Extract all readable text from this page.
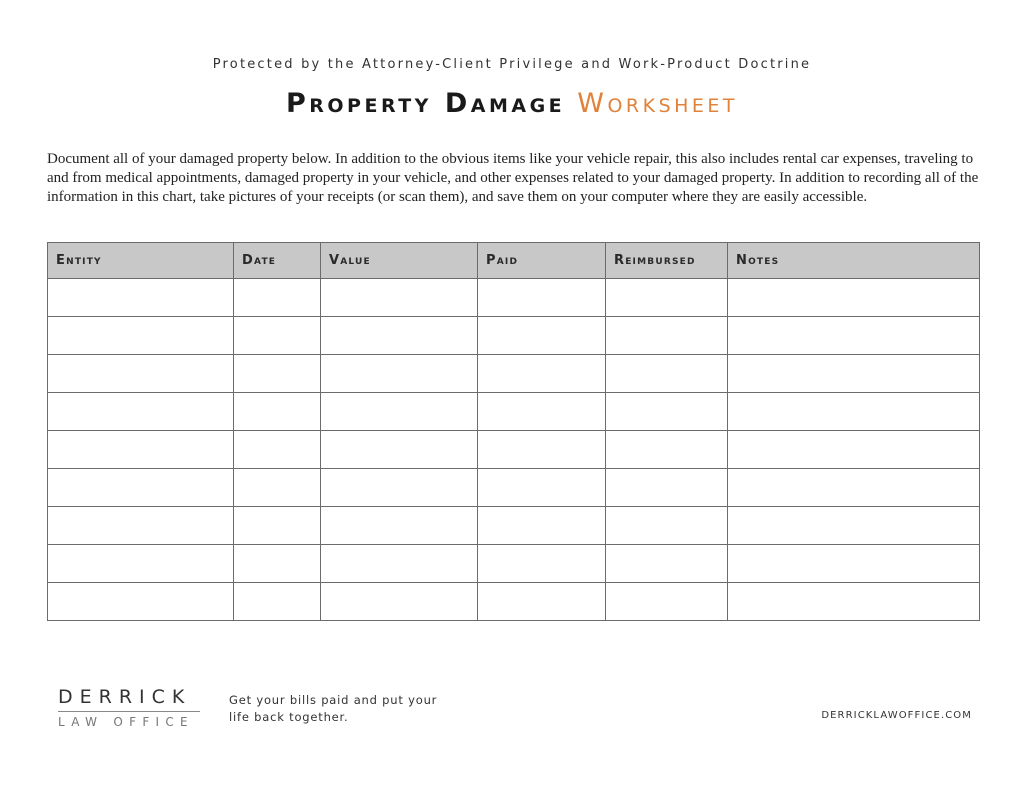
Protected by the Attorney-Client Privilege and Work-Product Doctrine
Property Damage Worksheet

Document all of your damaged property below. In addition to the obvious items like your vehicle repair, this also includes rental car expenses, traveling to and from medical appointments, damaged property in your vehicle, and other expenses related to your damaged property. In addition to recording all of the information in this chart, take pictures of your receipts (or scan them), and save them on your computer where they are easily accessible.

Entity	Date	Value	Paid	Reimbursed	Notes

DERRICK
LAW OFFICE
Get your bills paid and put your
life back together.	DERRICKLAWOFFICE.COM
